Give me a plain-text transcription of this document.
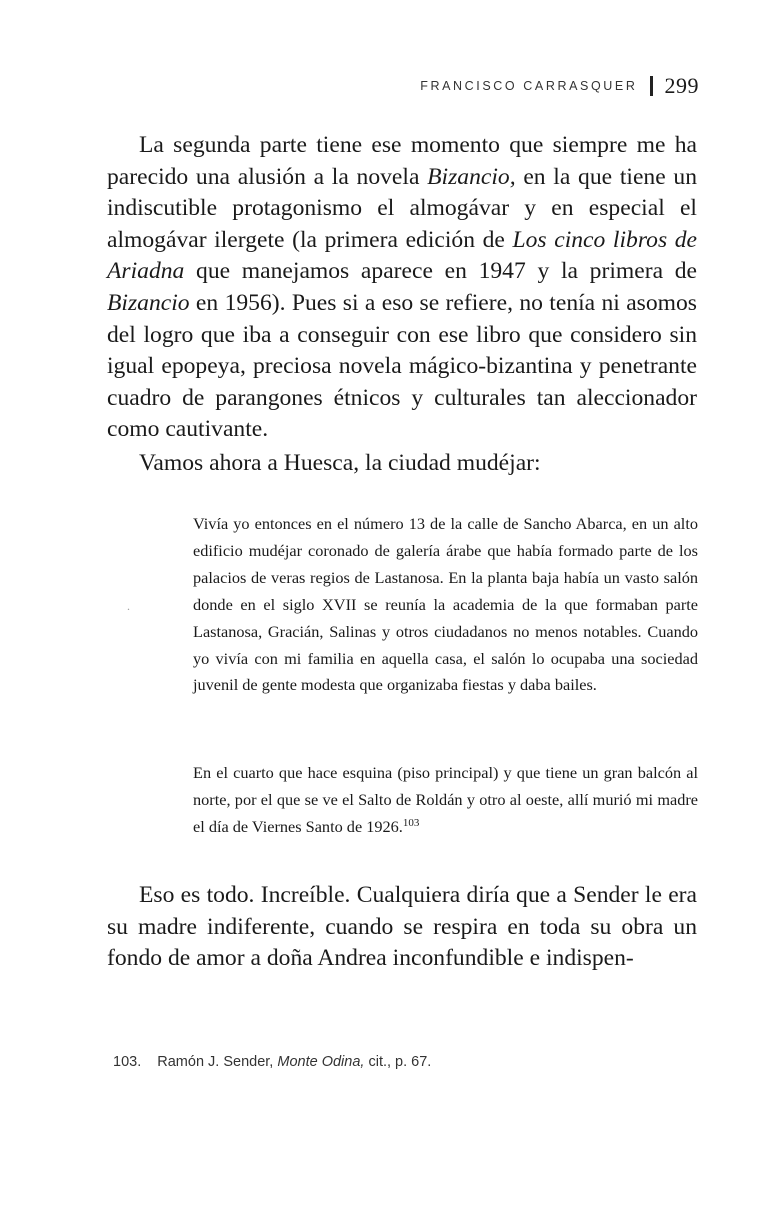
FRANCISCO CARRASQUER 299

La segunda parte tiene ese momento que siempre me ha parecido una alusión a la novela Bizancio, en la que tiene un indiscutible protagonismo el almogávar y en especial el almogávar ilergete (la primera edición de Los cinco libros de Ariadna que manejamos aparece en 1947 y la primera de Bizancio en 1956). Pues si a eso se refiere, no tenía ni asomos del logro que iba a conseguir con ese libro que considero sin igual epopeya, preciosa novela mágico-bizantina y penetrante cuadro de parangones étnicos y culturales tan aleccionador como cautivante.

Vamos ahora a Huesca, la ciudad mudéjar:

.

Vivía yo entonces en el número 13 de la calle de Sancho Abarca, en un alto edificio mudéjar coronado de galería árabe que había formado parte de los palacios de veras regios de Lastanosa. En la planta baja había un vasto salón donde en el siglo XVII se reunía la academia de la que formaban parte Lastanosa, Gracián, Salinas y otros ciudadanos no menos notables. Cuando yo vivía con mi familia en aquella casa, el salón lo ocupaba una sociedad juvenil de gente modesta que organizaba fiestas y daba bailes.

En el cuarto que hace esquina (piso principal) y que tiene un gran balcón al norte, por el que se ve el Salto de Roldán y otro al oeste, allí murió mi madre el día de Viernes Santo de 1926.$^{103}$

Eso es todo. Increíble. Cualquiera diría que a Sender le era su madre indiferente, cuando se respira en toda su obra un fondo de amor a doña Andrea inconfundible e indispen-

103. Ramón J. Sender, Monte Odina, cit., p. 67.
